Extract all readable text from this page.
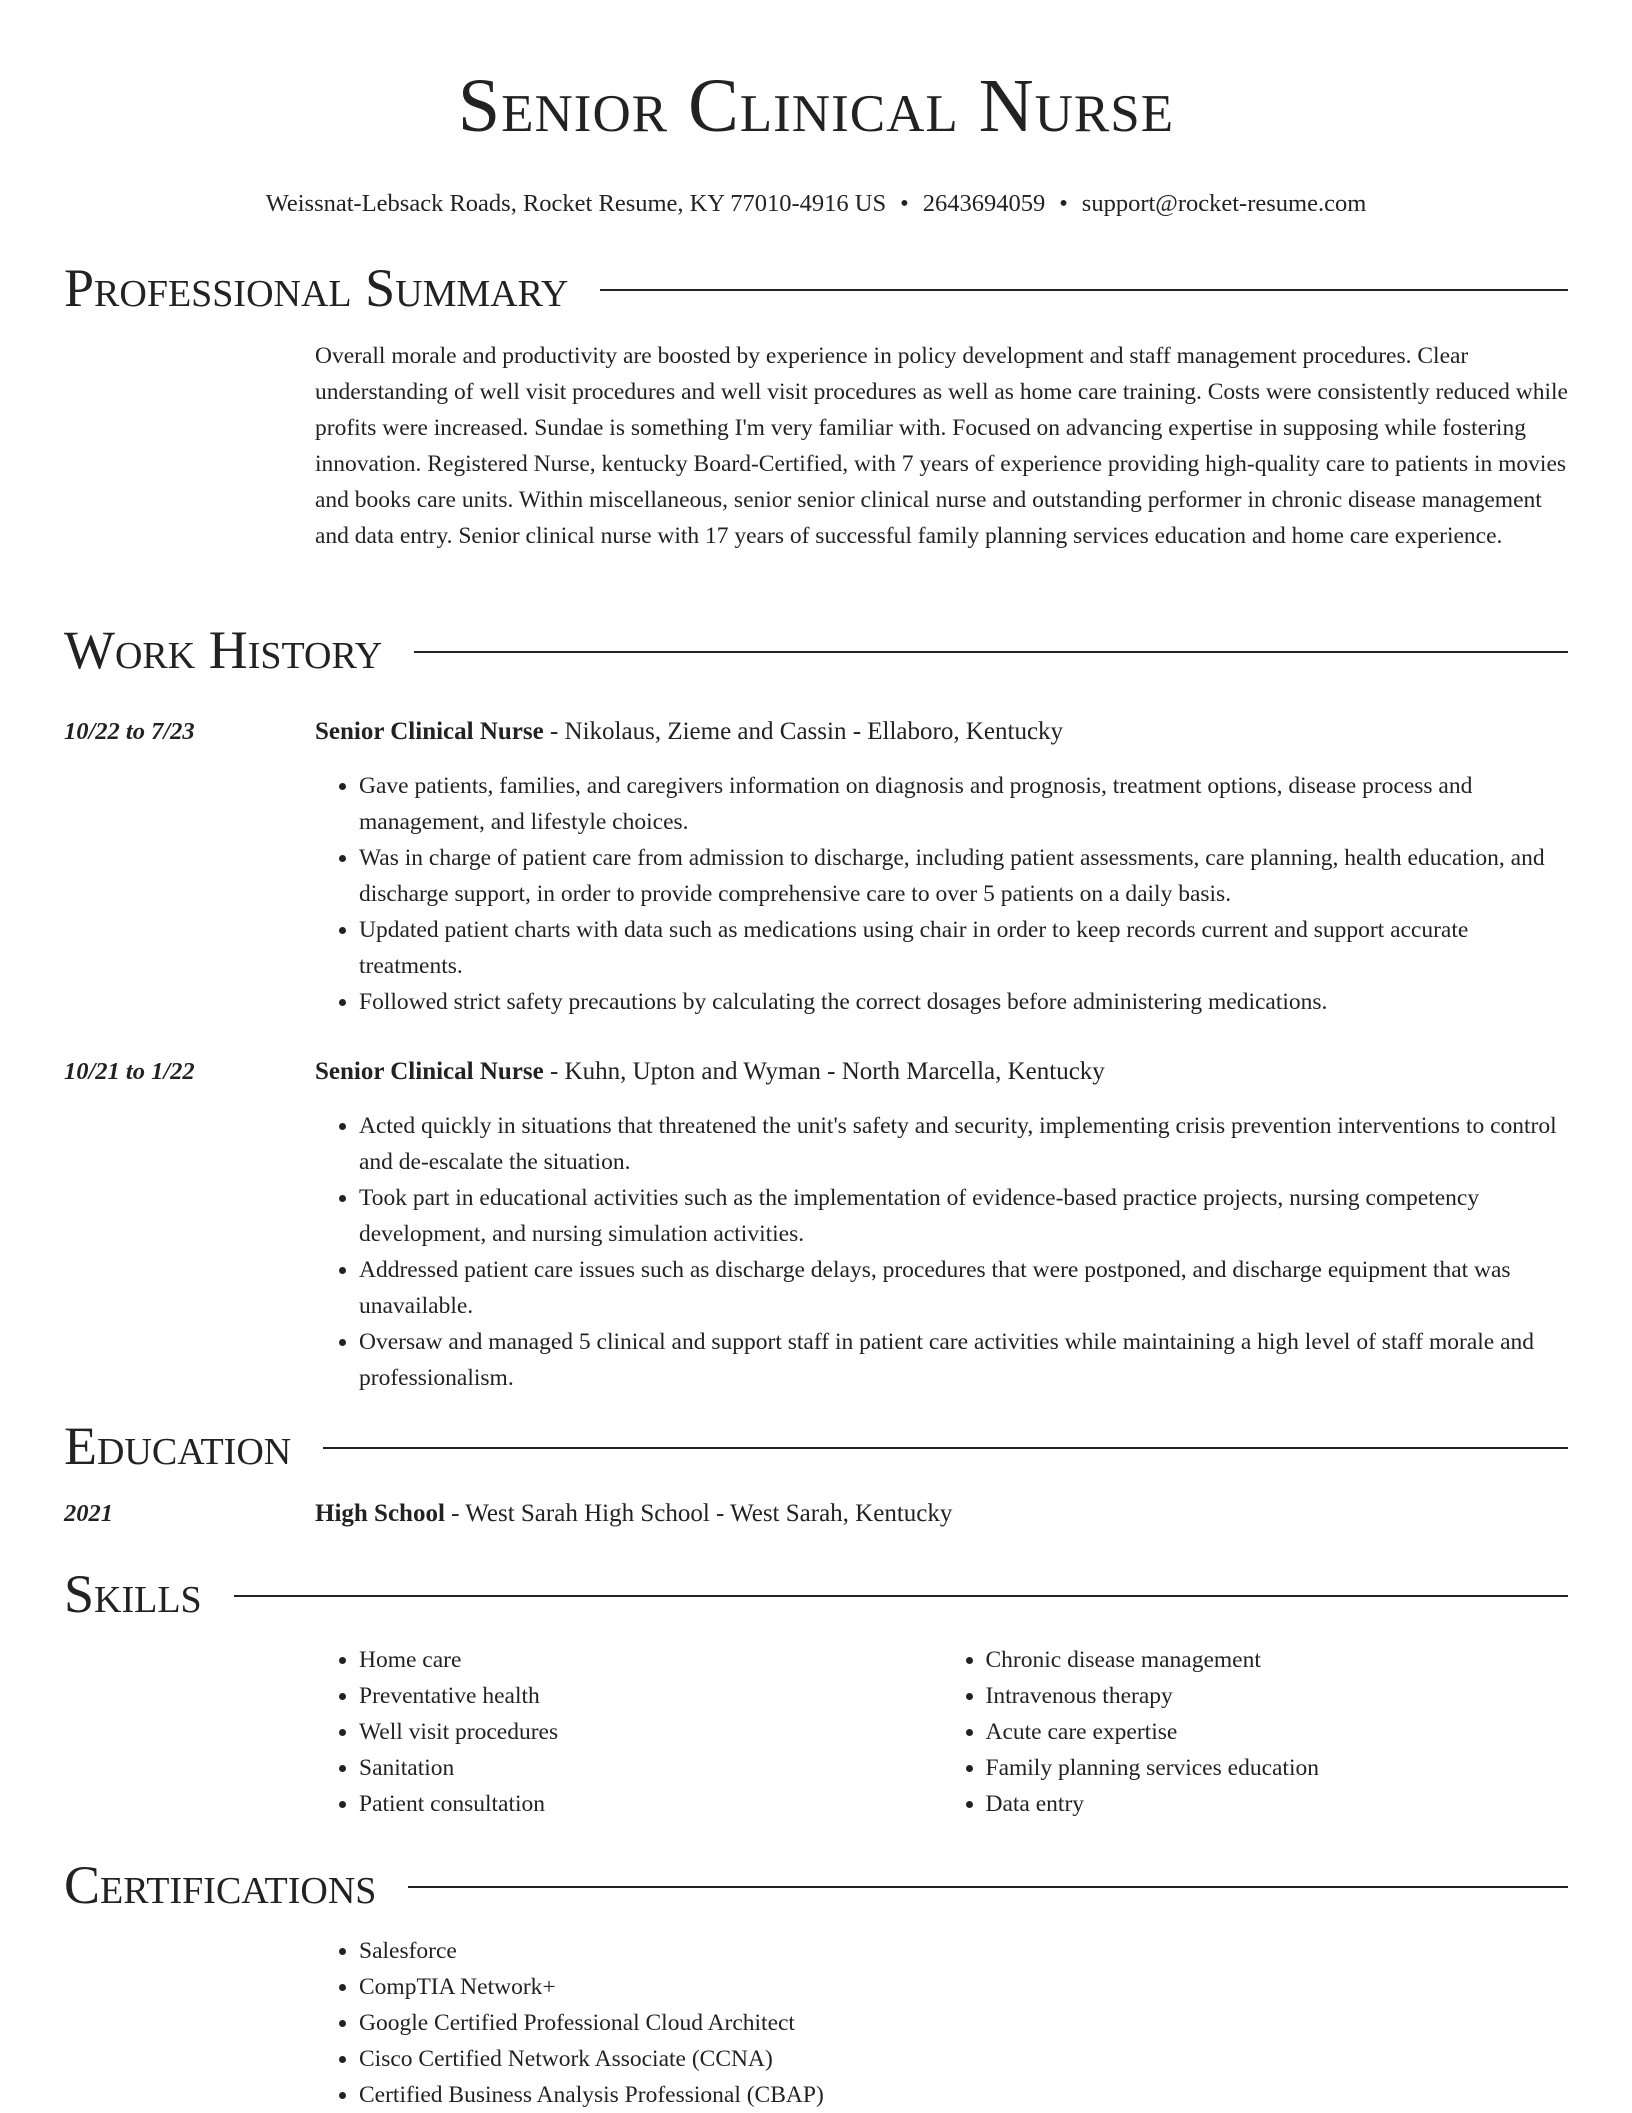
Senior Clinical Nurse
Weissnat-Lebsack Roads, Rocket Resume, KY 77010-4916 US • 2643694059 • support@rocket-resume.com
Professional Summary
Overall morale and productivity are boosted by experience in policy development and staff management procedures. Clear understanding of well visit procedures and well visit procedures as well as home care training. Costs were consistently reduced while profits were increased. Sundae is something I'm very familiar with. Focused on advancing expertise in supposing while fostering innovation. Registered Nurse, kentucky Board-Certified, with 7 years of experience providing high-quality care to patients in movies and books care units. Within miscellaneous, senior senior clinical nurse and outstanding performer in chronic disease management and data entry. Senior clinical nurse with 17 years of successful family planning services education and home care experience.
Work History
10/22 to 7/23	Senior Clinical Nurse - Nikolaus, Zieme and Cassin - Ellaboro, Kentucky
• Gave patients, families, and caregivers information on diagnosis and prognosis, treatment options, disease process and management, and lifestyle choices.
• Was in charge of patient care from admission to discharge, including patient assessments, care planning, health education, and discharge support, in order to provide comprehensive care to over 5 patients on a daily basis.
• Updated patient charts with data such as medications using chair in order to keep records current and support accurate treatments.
• Followed strict safety precautions by calculating the correct dosages before administering medications.
10/21 to 1/22	Senior Clinical Nurse - Kuhn, Upton and Wyman - North Marcella, Kentucky
• Acted quickly in situations that threatened the unit's safety and security, implementing crisis prevention interventions to control and de-escalate the situation.
• Took part in educational activities such as the implementation of evidence-based practice projects, nursing competency development, and nursing simulation activities.
• Addressed patient care issues such as discharge delays, procedures that were postponed, and discharge equipment that was unavailable.
• Oversaw and managed 5 clinical and support staff in patient care activities while maintaining a high level of staff morale and professionalism.
Education
2021	High School - West Sarah High School - West Sarah, Kentucky
Skills
• Home care
• Preventative health
• Well visit procedures
• Sanitation
• Patient consultation
• Chronic disease management
• Intravenous therapy
• Acute care expertise
• Family planning services education
• Data entry
Certifications
• Salesforce
• CompTIA Network+
• Google Certified Professional Cloud Architect
• Cisco Certified Network Associate (CCNA)
• Certified Business Analysis Professional (CBAP)
